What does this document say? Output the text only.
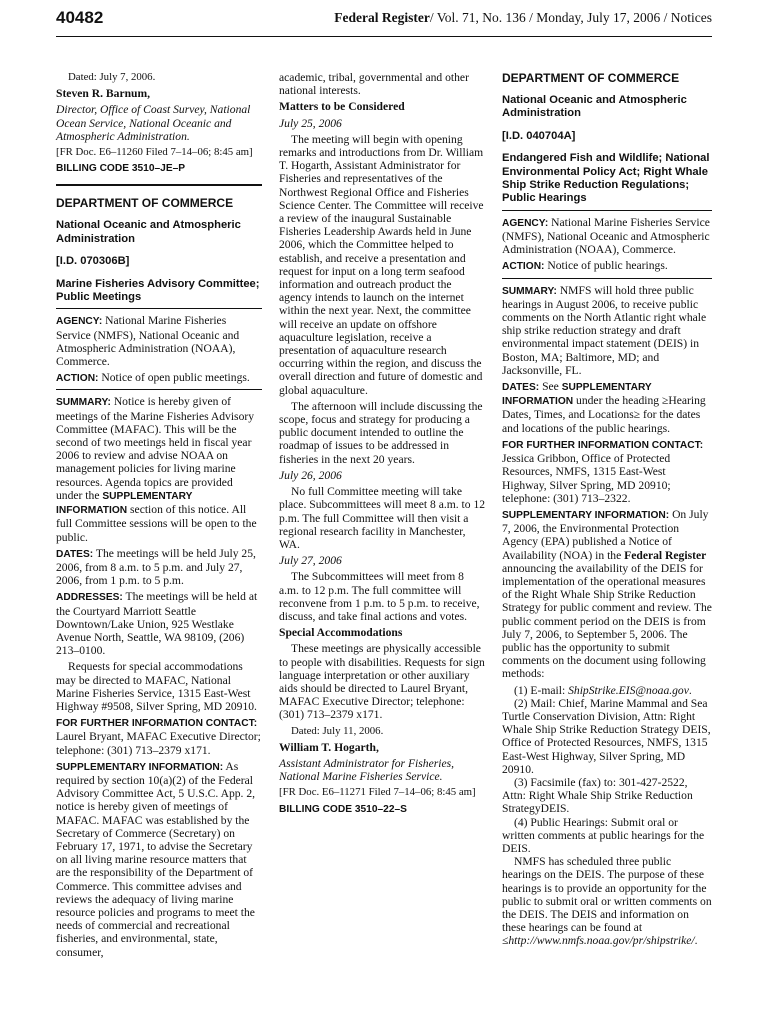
40482	Federal Register/ Vol. 71, No. 136 / Monday, July 17, 2006 / Notices

Dated: July 7, 2006.

Steven R. Barnum,

Director, Office of Coast Survey, National Ocean Service, National Oceanic and Atmospheric Administration.

[FR Doc. E6–11260 Filed 7–14–06; 8:45 am]

BILLING CODE 3510–JE–P

DEPARTMENT OF COMMERCE

National Oceanic and Atmospheric Administration

[I.D. 070306B]

Marine Fisheries Advisory Committee; Public Meetings

AGENCY: National Marine Fisheries Service (NMFS), National Oceanic and Atmospheric Administration (NOAA), Commerce.

ACTION: Notice of open public meetings.

SUMMARY: Notice is hereby given of meetings of the Marine Fisheries Advisory Committee (MAFAC). This will be the second of two meetings held in fiscal year 2006 to review and advise NOAA on management policies for living marine resources. Agenda topics are provided under the SUPPLEMENTARY INFORMATION section of this notice. All full Committee sessions will be open to the public.

DATES: The meetings will be held July 25, 2006, from 8 a.m. to 5 p.m. and July 27, 2006, from 1 p.m. to 5 p.m.

ADDRESSES: The meetings will be held at the Courtyard Marriott Seattle Downtown/Lake Union, 925 Westlake Avenue North, Seattle, WA 98109, (206) 213–0100.

Requests for special accommodations may be directed to MAFAC, National Marine Fisheries Service, 1315 East-West Highway #9508, Silver Spring, MD 20910.

FOR FURTHER INFORMATION CONTACT:
Laurel Bryant, MAFAC Executive Director; telephone: (301) 713–2379 x171.

SUPPLEMENTARY INFORMATION: As required by section 10(a)(2) of the Federal Advisory Committee Act, 5 U.S.C. App. 2, notice is hereby given of meetings of MAFAC. MAFAC was established by the Secretary of Commerce (Secretary) on February 17, 1971, to advise the Secretary on all living marine resource matters that are the responsibility of the Department of Commerce. This committee advises and reviews the adequacy of living marine resource policies and programs to meet the needs of commercial and recreational fisheries, and environmental, state, consumer,

academic, tribal, governmental and other national interests.

Matters to be Considered

July 25, 2006

The meeting will begin with opening remarks and introductions from Dr. William T. Hogarth, Assistant Administrator for Fisheries and representatives of the Northwest Regional Office and Fisheries Science Center. The Committee will receive a review of the inaugural Sustainable Fisheries Leadership Awards held in June 2006, which the Committee helped to establish, and receive a presentation and request for input on a long term seafood information and outreach product the agency intends to launch on the internet within the next year. Next, the committee will receive an update on offshore aquaculture legislation, receive a presentation of aquaculture research occurring within the region, and discuss the overall direction and future of domestic and global aquaculture.

The afternoon will include discussing the scope, focus and strategy for producing a public document intended to outline the roadmap of issues to be addressed in fisheries in the next 20 years.

July 26, 2006

No full Committee meeting will take place. Subcommittees will meet 8 a.m. to 12 p.m. The full Committee will then visit a regional research facility in Manchester, WA.

July 27, 2006

The Subcommittees will meet from 8 a.m. to 12 p.m. The full committee will reconvene from 1 p.m. to 5 p.m. to receive, discuss, and take final actions and votes.

Special Accommodations

These meetings are physically accessible to people with disabilities. Requests for sign language interpretation or other auxiliary aids should be directed to Laurel Bryant, MAFAC Executive Director; telephone: (301) 713–2379 x171.

Dated: July 11, 2006.

William T. Hogarth,

Assistant Administrator for Fisheries, National Marine Fisheries Service.

[FR Doc. E6–11271 Filed 7–14–06; 8:45 am]

BILLING CODE 3510–22–S

DEPARTMENT OF COMMERCE

National Oceanic and Atmospheric Administration

[I.D. 040704A]

Endangered Fish and Wildlife; National Environmental Policy Act; Right Whale Ship Strike Reduction Regulations; Public Hearings

AGENCY: National Marine Fisheries Service (NMFS), National Oceanic and Atmospheric Administration (NOAA), Commerce.

ACTION: Notice of public hearings.

SUMMARY: NMFS will hold three public hearings in August 2006, to receive public comments on the North Atlantic right whale ship strike reduction strategy and draft environmental impact statement (DEIS) in Boston, MA; Baltimore, MD; and Jacksonville, FL.

DATES: See SUPPLEMENTARY INFORMATION under the heading ≥Hearing Dates, Times, and Locations≥ for the dates and locations of the public hearings.

FOR FURTHER INFORMATION CONTACT:
Jessica Gribbon, Office of Protected Resources, NMFS, 1315 East-West Highway, Silver Spring, MD 20910; telephone: (301) 713–2322.

SUPPLEMENTARY INFORMATION: On July 7, 2006, the Environmental Protection Agency (EPA) published a Notice of Availability (NOA) in the Federal Register announcing the availability of the DEIS for implementation of the operational measures of the Right Whale Ship Strike Reduction Strategy for public comment and review. The public comment period on the DEIS is from July 7, 2006, to September 5, 2006. The public has the opportunity to submit comments on the document using following methods:

(1) E-mail: ShipStrike.EIS@noaa.gov.

(2) Mail: Chief, Marine Mammal and Sea Turtle Conservation Division, Attn: Right Whale Ship Strike Reduction Strategy DEIS, Office of Protected Resources, NMFS, 1315 East-West Highway, Silver Spring, MD 20910.

(3) Facsimile (fax) to: 301-427-2522, Attn: Right Whale Ship Strike Reduction StrategyDEIS.

(4) Public Hearings: Submit oral or written comments at public hearings for the DEIS.

NMFS has scheduled three public hearings on the DEIS. The purpose of these hearings is to provide an opportunity for the public to submit oral or written comments on the DEIS. The DEIS and information on these hearings can be found at ≤http://www.nmfs.noaa.gov/pr/shipstrike/.
